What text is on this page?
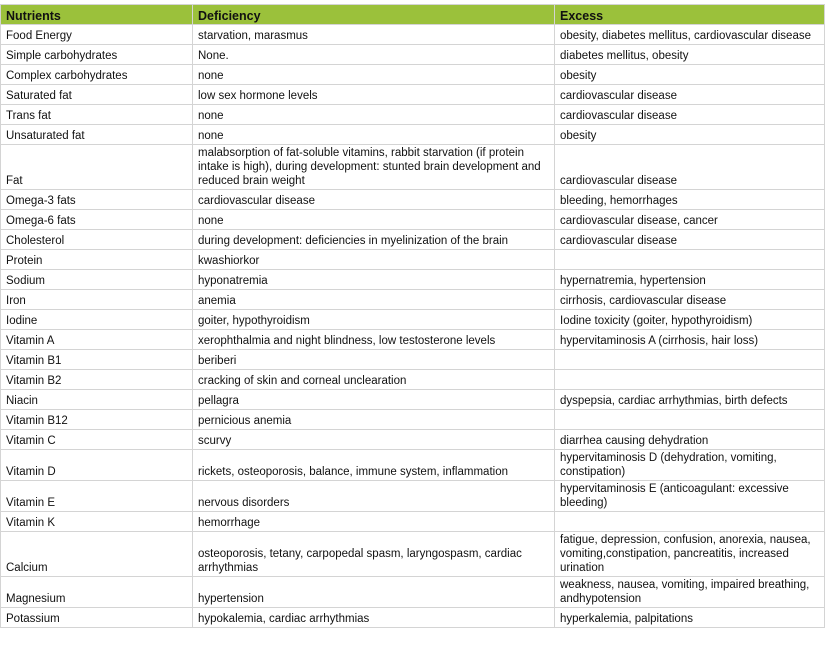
Nutrients	Deficiency	Excess
Food Energy	starvation, marasmus	obesity, diabetes mellitus, cardiovascular disease
Simple carbohydrates	None.	diabetes mellitus, obesity
Complex carbohydrates	none	obesity
Saturated fat	low sex hormone levels	cardiovascular disease
Trans fat	none	cardiovascular disease
Unsaturated fat	none	obesity
Fat	malabsorption of fat-soluble vitamins, rabbit starvation (if protein intake is high), during development: stunted brain development and reduced brain weight	cardiovascular disease
Omega-3 fats	cardiovascular disease	bleeding, hemorrhages
Omega-6 fats	none	cardiovascular disease, cancer
Cholesterol	during development: deficiencies in myelinization of the brain	cardiovascular disease
Protein	kwashiorkor	
Sodium	hyponatremia	hypernatremia, hypertension
Iron	anemia	cirrhosis, cardiovascular disease
Iodine	goiter, hypothyroidism	Iodine toxicity (goiter, hypothyroidism)
Vitamin A	xerophthalmia and night blindness, low testosterone levels	hypervitaminosis A (cirrhosis, hair loss)
Vitamin B1	beriberi	
Vitamin B2	cracking of skin and corneal unclearation	
Niacin	pellagra	dyspepsia, cardiac arrhythmias, birth defects
Vitamin B12	pernicious anemia	
Vitamin C	scurvy	diarrhea causing dehydration
Vitamin D	rickets, osteoporosis, balance, immune system, inflammation	hypervitaminosis D (dehydration, vomiting, constipation)
Vitamin E	nervous disorders	hypervitaminosis E (anticoagulant: excessive bleeding)
Vitamin K	hemorrhage	
Calcium	osteoporosis, tetany, carpopedal spasm, laryngospasm, cardiac arrhythmias	fatigue, depression, confusion, anorexia, nausea, vomiting,constipation, pancreatitis, increased urination
Magnesium	hypertension	weakness, nausea, vomiting, impaired breathing, andhypotension
Potassium	hypokalemia, cardiac arrhythmias	hyperkalemia, palpitations
